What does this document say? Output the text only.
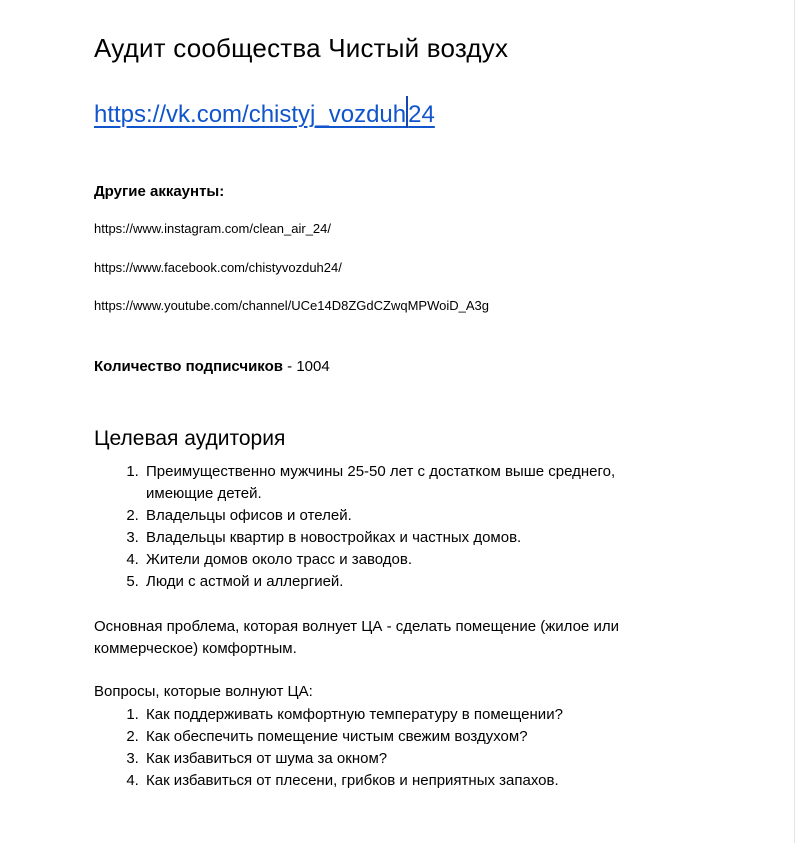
Аудит сообщества Чистый воздух
https://vk.com/chistyj_vozduh24
Другие аккаунты:
https://www.instagram.com/clean_air_24/
https://www.facebook.com/chistyvozduh24/
https://www.youtube.com/channel/UCe14D8ZGdCZwqMPWoiD_A3g
Количество подписчиков - 1004
Целевая аудитория
1. Преимущественно мужчины 25-50 лет с достатком выше среднего, имеющие детей.
2. Владельцы офисов и отелей.
3. Владельцы квартир в новостройках и частных домов.
4. Жители домов около трасс и заводов.
5. Люди с астмой и аллергией.
Основная проблема, которая волнует ЦА - сделать помещение (жилое или коммерческое) комфортным.
Вопросы, которые волнуют ЦА:
1. Как поддерживать комфортную температуру в помещении?
2. Как обеспечить помещение чистым свежим воздухом?
3. Как избавиться от шума за окном?
4. Как избавиться от плесени, грибков и неприятных запахов.
